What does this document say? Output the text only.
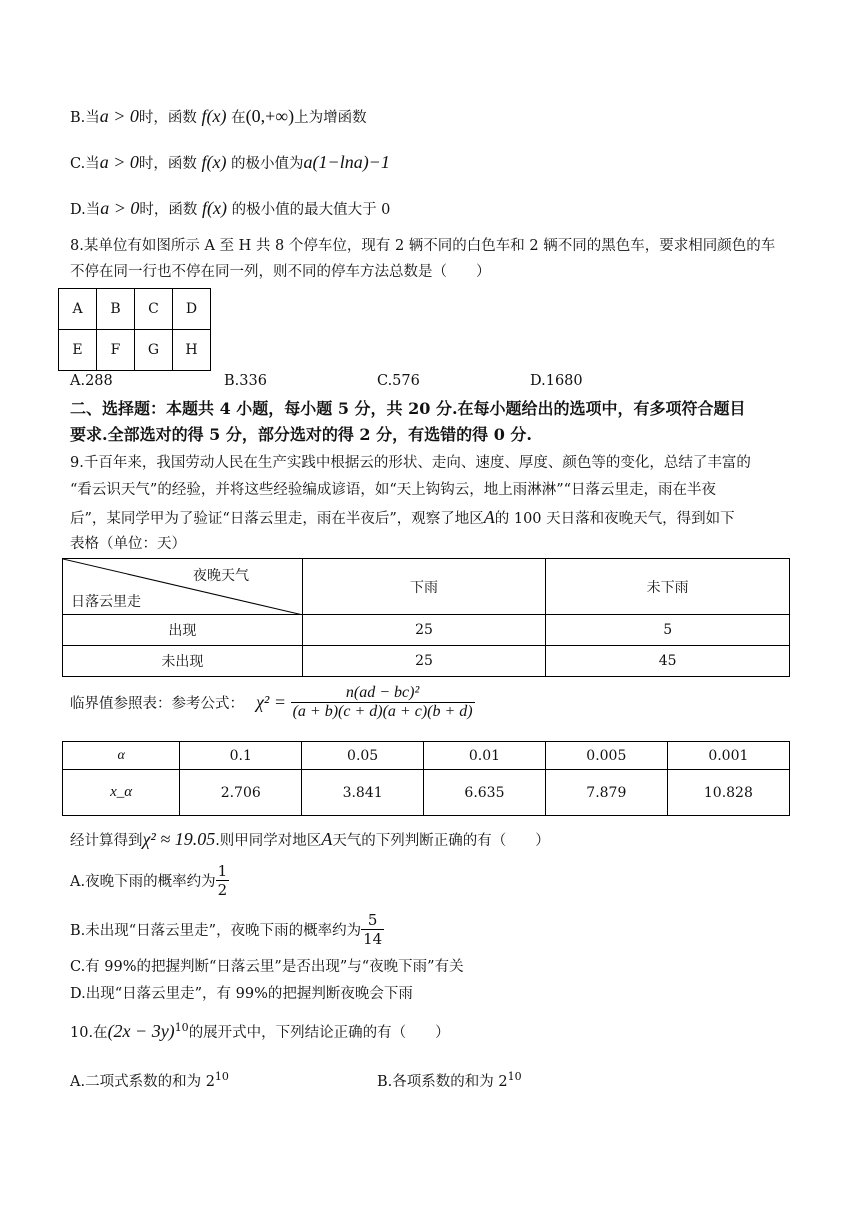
B.当a > 0时，函数 f(x) 在(0,+∞)上为增函数
C.当a > 0时，函数 f(x) 的极小值为a(1−lna)−1
D.当a > 0时，函数 f(x) 的极小值的最大值大于 0
8.某单位有如图所示 A 至 H 共 8 个停车位，现有 2 辆不同的白色车和 2 辆不同的黑色车，要求相同颜色的车
不停在同一行也不停在同一列，则不同的停车方法总数是（　　）
A	B	C	D
E	F	G	H
A.288	B.336	C.576	D.1680
二、选择题：本题共 4 小题，每小题 5 分，共 20 分.在每小题给出的选项中，有多项符合题目
要求.全部选对的得 5 分，部分选对的得 2 分，有选错的得 0 分.
9.千百年来，我国劳动人民在生产实践中根据云的形状、走向、速度、厚度、颜色等的变化，总结了丰富的
“看云识天气”的经验，并将这些经验编成谚语，如“天上钩钩云，地上雨淋淋”“日落云里走，雨在半夜
后”，某同学甲为了验证“日落云里走，雨在半夜后”，观察了地区A的 100 天日落和夜晚天气，得到如下
表格（单位：天）
夜晚天气
日落云里走	下雨	未下雨
出现	25	5
未出现	25	45
临界值参照表：参考公式： $\chi^2 = \frac{\text{n(ad − bc)²}}{(a + b)(c + d)(a + c)(b + d)}$
α	0.1	0.05	0.01	0.005	0.001
x_α	2.706	3.841	6.635	7.879	10.828
经计算得到χ² ≈ 19.05.则甲同学对地区A天气的下列判断正确的有（　　）
A.夜晚下雨的概率约为 $\frac{1}{2}$
B.未出现“日落云里走”，夜晚下雨的概率约为 $\frac{5}{14}$
C.有 99%的把握判断“日落云里”是否出现”与“夜晚下雨”有关
D.出现“日落云里走”，有 99%的把握判断夜晚会下雨
10.在$(2x - 3y)^{10}$的展开式中，下列结论正确的有（　　）
A.二项式系数的和为 $2^{10}$	B.各项系数的和为 $2^{10}$
